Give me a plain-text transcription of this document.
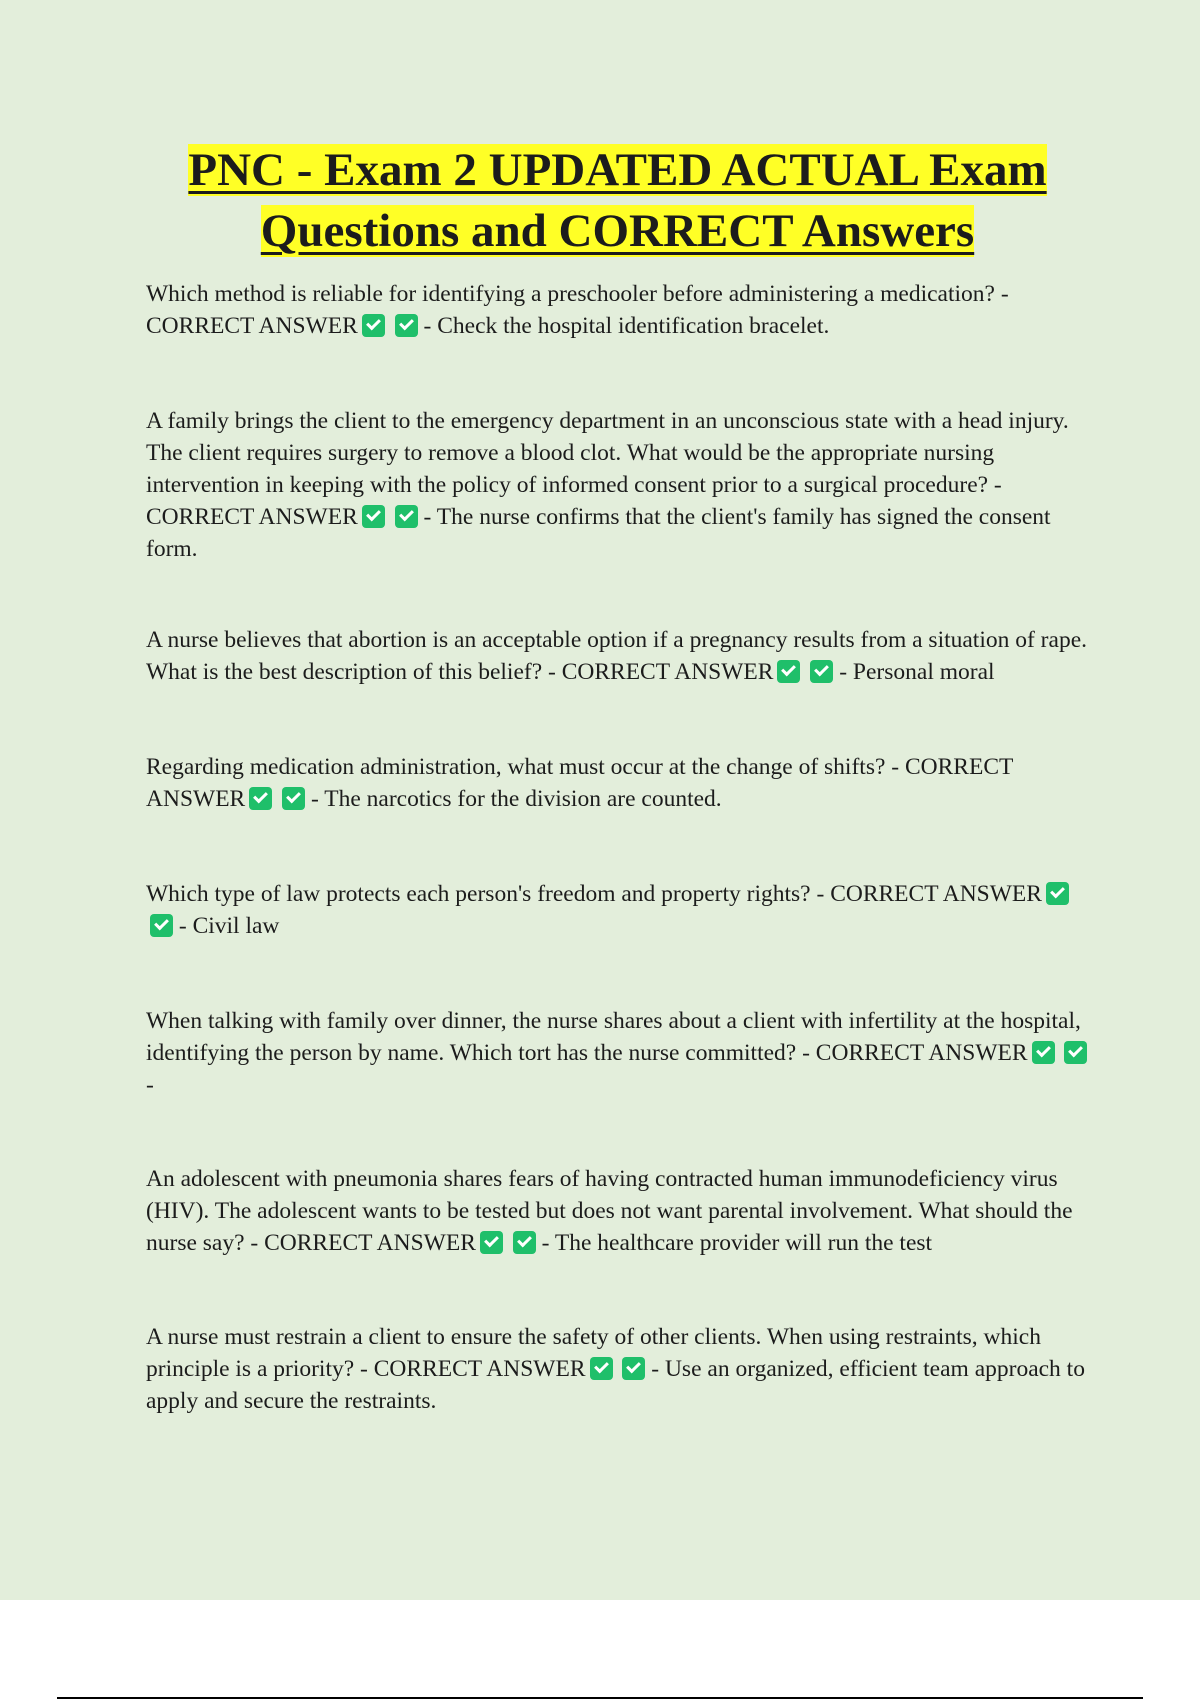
PNC - Exam 2 UPDATED ACTUAL Exam
Questions and CORRECT Answers

Which method is reliable for identifying a preschooler before administering a medication? - CORRECT ANSWER	- Check the hospital identification bracelet.

A family brings the client to the emergency department in an unconscious state with a head injury. The client requires surgery to remove a blood clot. What would be the appropriate nursing intervention in keeping with the policy of informed consent prior to a surgical procedure? - CORRECT ANSWER	- The nurse confirms that the client's family has signed the consent form.

A nurse believes that abortion is an acceptable option if a pregnancy results from a situation of rape. What is the best description of this belief? - CORRECT ANSWER	- Personal moral

Regarding medication administration, what must occur at the change of shifts? - CORRECT ANSWER	- The narcotics for the division are counted.

Which type of law protects each person's freedom and property rights? - CORRECT ANSWER  - Civil law

When talking with family over dinner, the nurse shares about a client with infertility at the hospital, identifying the person by name. Which tort has the nurse committed? - CORRECT ANSWER  -

An adolescent with pneumonia shares fears of having contracted human immunodeficiency virus (HIV). The adolescent wants to be tested but does not want parental involvement. What should the nurse say? - CORRECT ANSWER	- The healthcare provider will run the test

A nurse must restrain a client to ensure the safety of other clients. When using restraints, which principle is a priority? - CORRECT ANSWER	- Use an organized, efficient team approach to apply and secure the restraints.
